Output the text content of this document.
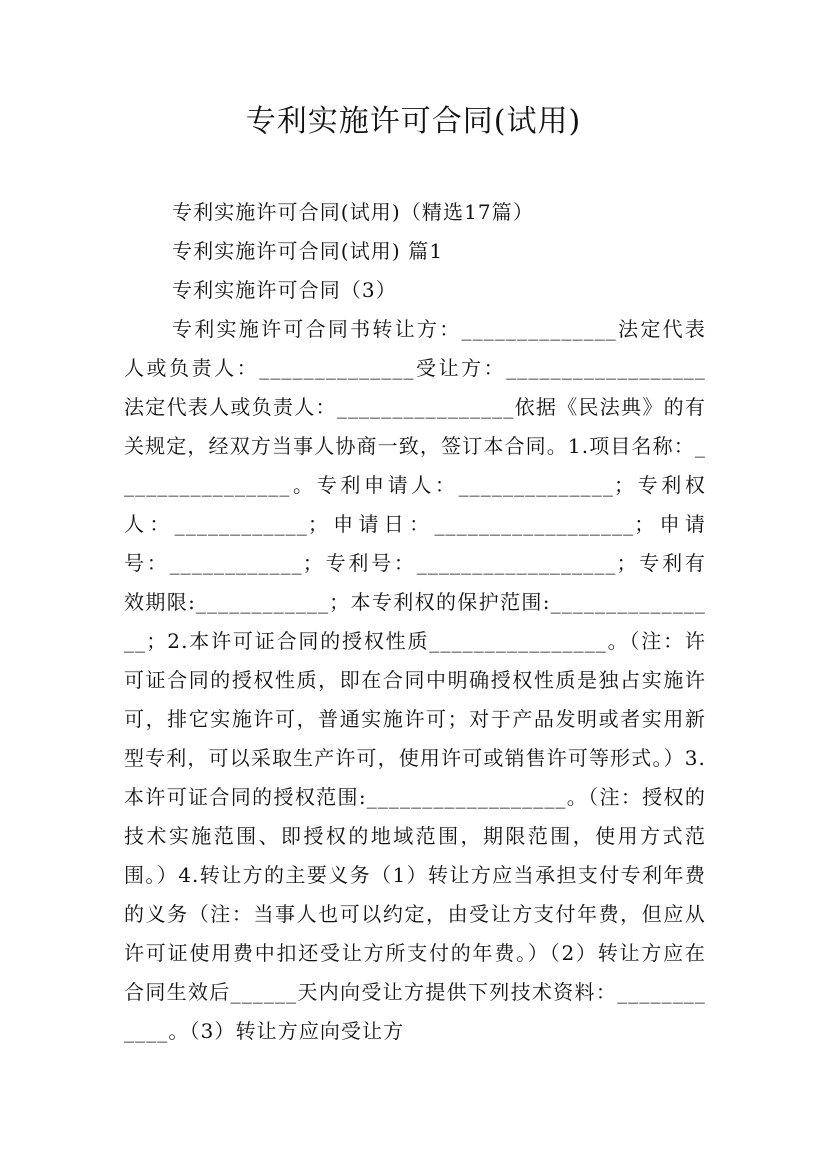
专利实施许可合同(试用)

专利实施许可合同(试用)（精选17篇）

专利实施许可合同(试用) 篇1

专利实施许可合同（3）

专利实施许可合同书转让方：______________法定代表人或负责人：______________受让方：__________________法定代表人或负责人：________________依据《民法典》的有关规定，经双方当事人协商一致，签订本合同。1.项目名称：________________。专利申请人：______________；专利权人：____________；申请日：__________________；申请号：____________；专利号：__________________；专利有效期限:____________；本专利权的保护范围:________________；2.本许可证合同的授权性质________________。（注：许可证合同的授权性质，即在合同中明确授权性质是独占实施许可，排它实施许可，普通实施许可；对于产品发明或者实用新型专利，可以采取生产许可，使用许可或销售许可等形式。）3.本许可证合同的授权范围:__________________。（注：授权的技术实施范围、即授权的地域范围，期限范围，使用方式范围。）4.转让方的主要义务（1）转让方应当承担支付专利年费的义务（注：当事人也可以约定，由受让方支付年费，但应从许可证使用费中扣还受让方所支付的年费。）（2）转让方应在合同生效后______天内向受让方提供下列技术资料：____________。（3）转让方应向受让方
